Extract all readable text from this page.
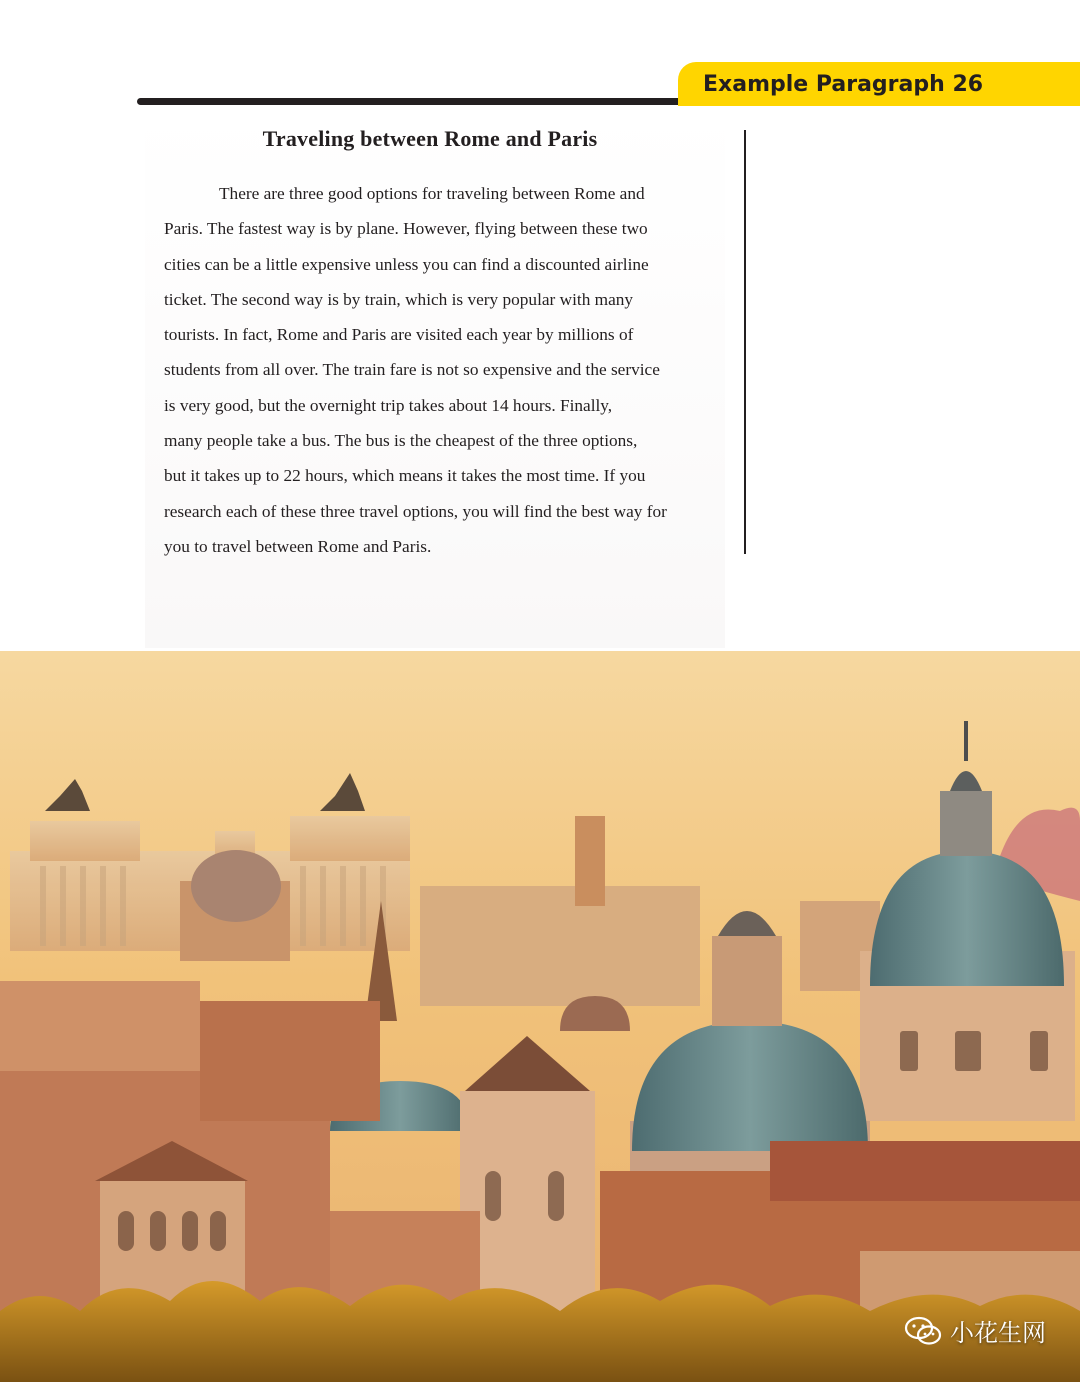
Example Paragraph 26
Traveling between Rome and Paris
There are three good options for traveling between Rome and
Paris. The fastest way is by plane. However, flying between these two
cities can be a little expensive unless you can find a discounted airline
ticket. The second way is by train, which is very popular with many
tourists. In fact, Rome and Paris are visited each year by millions of
students from all over. The train fare is not so expensive and the service
is very good, but the overnight trip takes about 14 hours. Finally,
many people take a bus. The bus is the cheapest of the three options,
but it takes up to 22 hours, which means it takes the most time. If you
research each of these three travel options, you will find the best way for
you to travel between Rome and Paris.
小花生网
